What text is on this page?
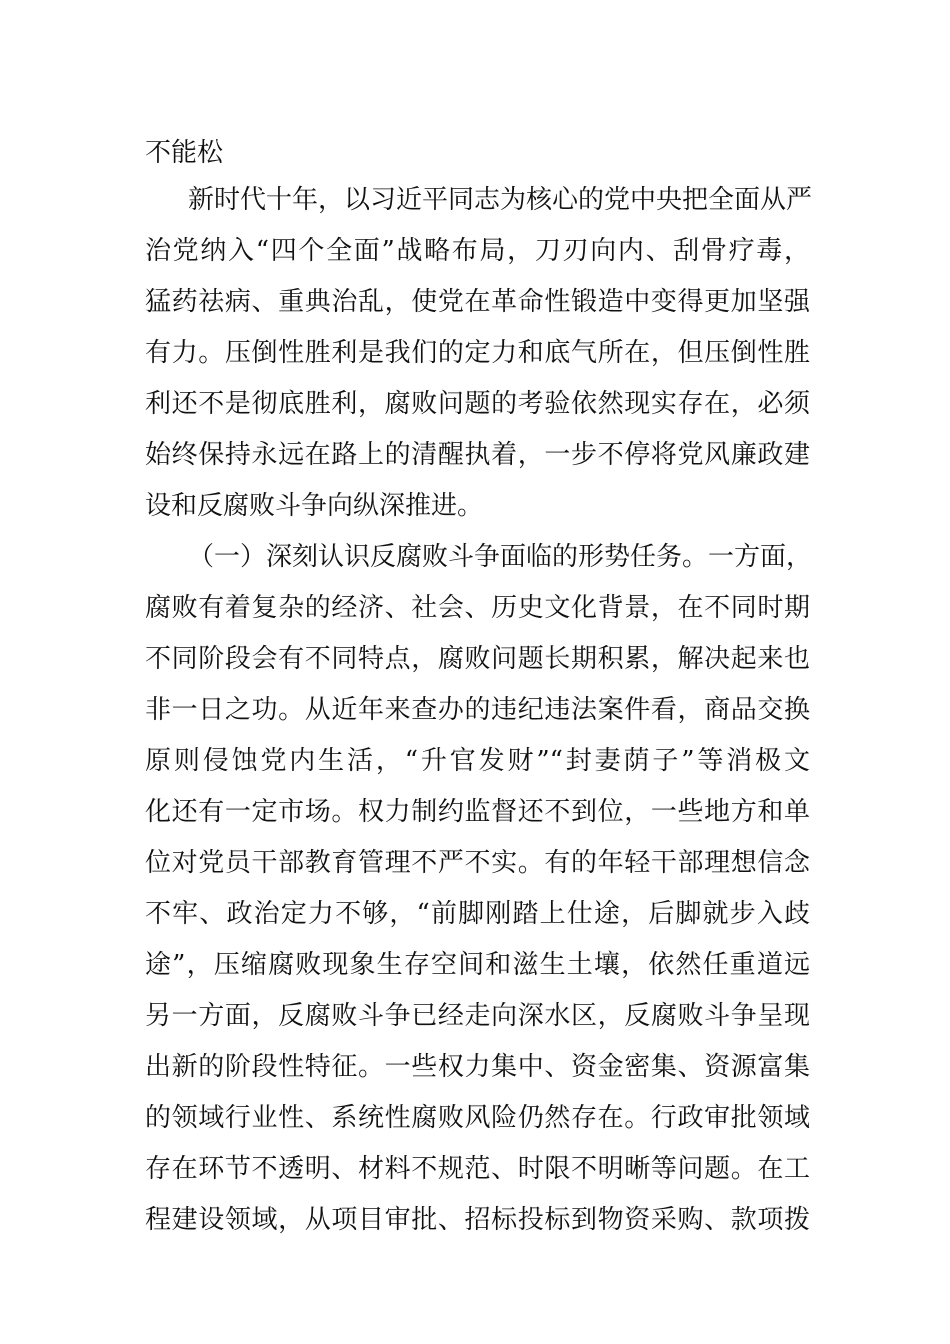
不能松
新时代十年，以习近平同志为核心的党中央把全面从严
治党纳入“四个全面”战略布局，刀刃向内、刮骨疗毒，
猛药祛病、重典治乱，使党在革命性锻造中变得更加坚强
有力。压倒性胜利是我们的定力和底气所在，但压倒性胜
利还不是彻底胜利，腐败问题的考验依然现实存在，必须
始终保持永远在路上的清醒执着，一步不停将党风廉政建
设和反腐败斗争向纵深推进。
（一）深刻认识反腐败斗争面临的形势任务。一方面，
腐败有着复杂的经济、社会、历史文化背景，在不同时期
不同阶段会有不同特点，腐败问题长期积累，解决起来也
非一日之功。从近年来查办的违纪违法案件看，商品交换
原则侵蚀党内生活，“升官发财”“封妻荫子”等消极文
化还有一定市场。权力制约监督还不到位，一些地方和单
位对党员干部教育管理不严不实。有的年轻干部理想信念
不牢、政治定力不够，“前脚刚踏上仕途，后脚就步入歧
途”，压缩腐败现象生存空间和滋生土壤，依然任重道远
另一方面，反腐败斗争已经走向深水区，反腐败斗争呈现
出新的阶段性特征。一些权力集中、资金密集、资源富集
的领域行业性、系统性腐败风险仍然存在。行政审批领域
存在环节不透明、材料不规范、时限不明晰等问题。在工
程建设领域，从项目审批、招标投标到物资采购、款项拨
